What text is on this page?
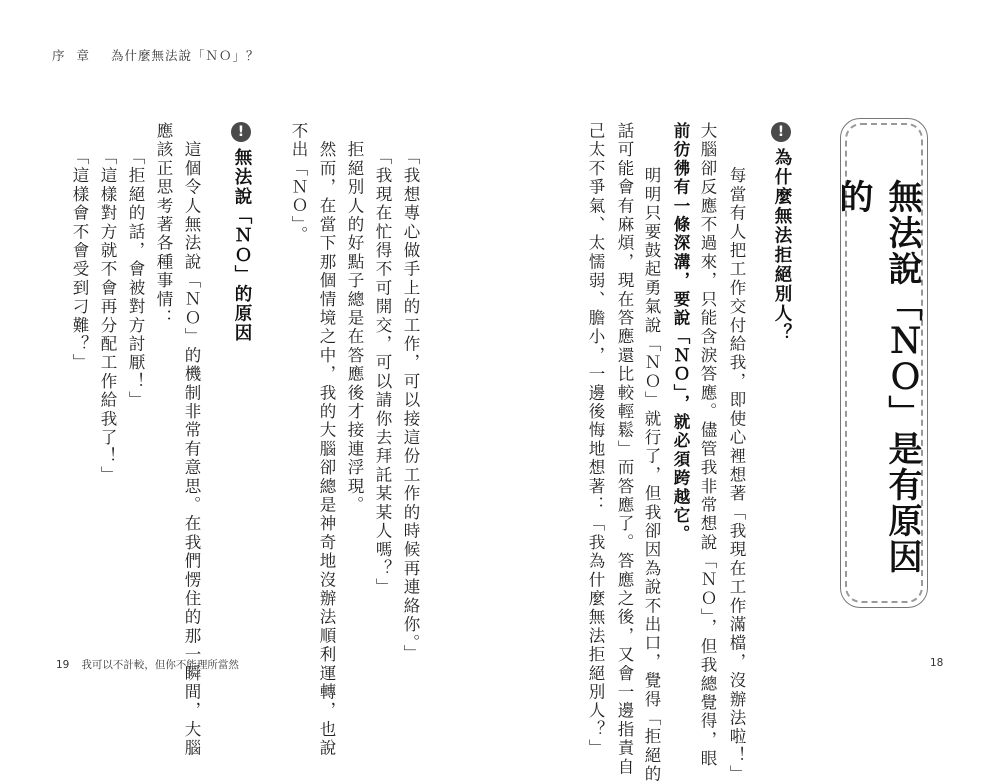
序 章 為什麼無法說「ＮＯ」？
無法說「ＮＯ」是有原因的
!
為什麼無法拒絕別人？
　每當有人把工作交付給我，即使心裡想著「我現在工作滿檔，沒辦法啦！」
大腦卻反應不過來，只能含淚答應。儘管我非常想說「ＮＯ」，但我總覺得，眼
前彷彿有一條深溝，要說「ＮＯ」，就必須跨越它。
　明明只要鼓起勇氣說「ＮＯ」就行了，但我卻因為說不出口，覺得「拒絕的
話可能會有麻煩，現在答應還比較輕鬆」而答應了。答應之後，又會一邊指責自
己太不爭氣、太懦弱、膽小，一邊後悔地想著：「我為什麼無法拒絕別人？」
「我想專心做手上的工作，可以接這份工作的時候再連絡你。」
「我現在忙得不可開交，可以請你去拜託某某人嗎？」
　拒絕別人的好點子總是在答應後才接連浮現。
　然而，在當下那個情境之中，我的大腦卻總是神奇地沒辦法順利運轉，也說
不出「ＮＯ」。
!
無法說「ＮＯ」的原因
　這個令人無法說「ＮＯ」的機制非常有意思。在我們愣住的那一瞬間，大腦
應該正思考著各種事情：
「拒絕的話，會被對方討厭！」
「這樣對方就不會再分配工作給我了！」
「這樣會不會受到刁難？」
19 我可以不計較，但你不能理所當然	18
